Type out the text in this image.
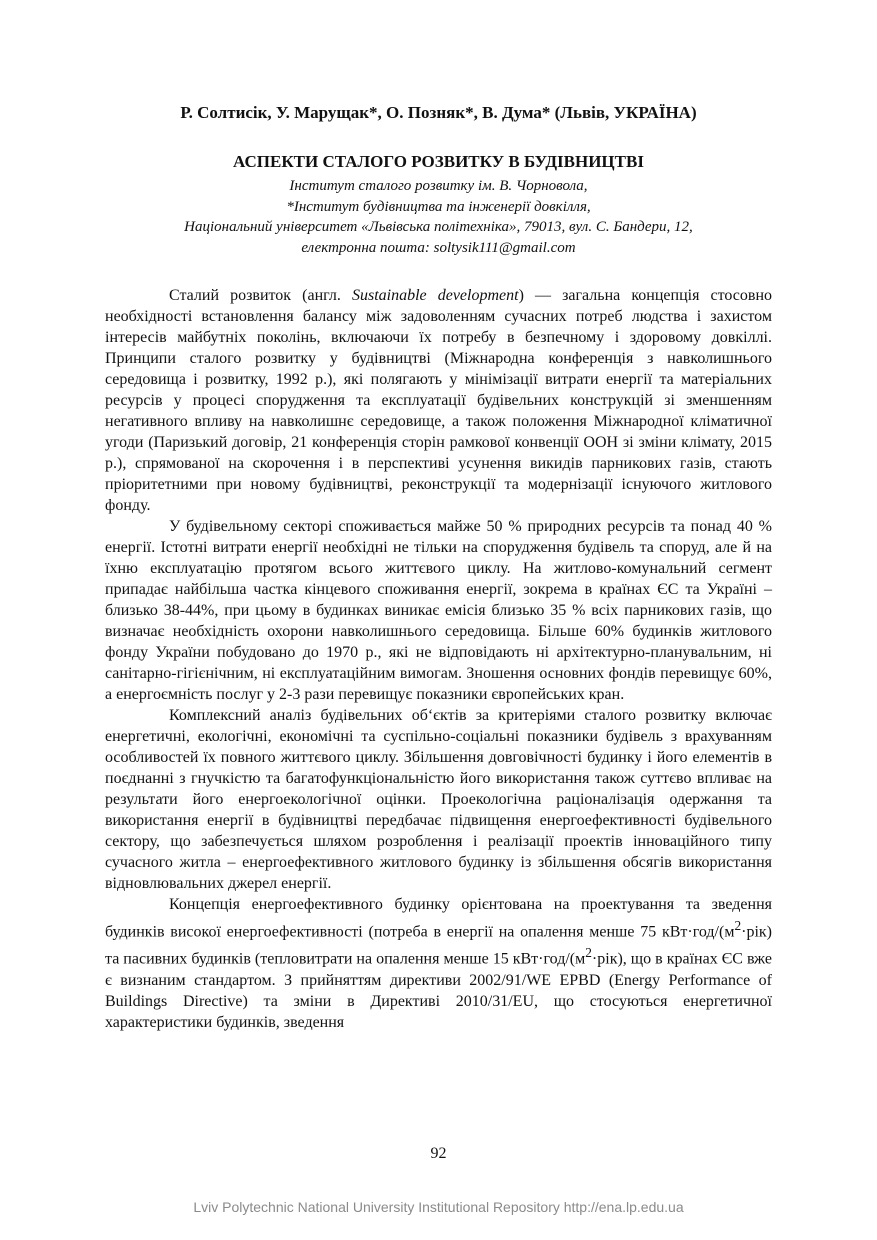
Р. Солтисік, У. Марущак*, О. Позняк*, В. Дума* (Львів, УКРАЇНА)
АСПЕКТИ СТАЛОГО РОЗВИТКУ В БУДІВНИЦТВІ
Інститут сталого розвитку ім. В. Чорновола,
*Інститут будівництва та інженерії довкілля,
Національний університет «Львівська політехніка», 79013, вул. С. Бандери, 12,
електронна пошта: soltysik111@gmail.com

Сталий розвиток (англ. Sustainable development) — загальна концепція стосовно необхідності встановлення балансу між задоволенням сучасних потреб людства і захистом інтересів майбутніх поколінь, включаючи їх потребу в безпечному і здоровому довкіллі. Принципи сталого розвитку у будівництві (Міжнародна конференція з навколишнього середовища і розвитку, 1992 р.), які полягають у мінімізації витрати енергії та матеріальних ресурсів у процесі спорудження та експлуатації будівельних конструкцій зі зменшенням негативного впливу на навколишнє середовище, а також положення Міжнародної кліматичної угоди (Паризький договір, 21 конференція сторін рамкової конвенції ООН зі зміни клімату, 2015 р.), спрямованої на скорочення і в перспективі усунення викидів парникових газів, стають пріоритетними при новому будівництві, реконструкції та модернізації існуючого житлового фонду.

У будівельному секторі споживається майже 50 % природних ресурсів та понад 40 % енергії. Істотні витрати енергії необхідні не тільки на спорудження будівель та споруд, але й на їхню експлуатацію протягом всього життєвого циклу. На житлово-комунальний сегмент припадає найбільша частка кінцевого споживання енергії, зокрема в країнах ЄС та Україні – близько 38-44%, при цьому в будинках виникає емісія близько 35 % всіх парникових газів, що визначає необхідність охорони навколишнього середовища. Більше 60% будинків житлового фонду України побудовано до 1970 р., які не відповідають ні архітектурно-планувальним, ні санітарно-гігієнічним, ні експлуатаційним вимогам. Зношення основних фондів перевищує 60%, а енергоємність послуг у 2-3 рази перевищує показники європейських кран.

Комплексний аналіз будівельних об‘єктів за критеріями сталого розвитку включає енергетичні, екологічні, економічні та суспільно-соціальні показники будівель з врахуванням особливостей їх повного життєвого циклу. Збільшення довговічності будинку і його елементів в поєднанні з гнучкістю та багатофункціональністю його використання також суттєво впливає на результати його енергоекологічної оцінки. Проекологічна раціоналізація одержання та використання енергії в будівництві передбачає підвищення енергоефективності будівельного сектору, що забезпечується шляхом розроблення і реалізації проектів інноваційного типу сучасного житла – енергоефективного житлового будинку із збільшення обсягів використання відновлювальних джерел енергії.

Концепція енергоефективного будинку орієнтована на проектування та зведення будинків високої енергоефективності (потреба в енергії на опалення менше 75 $кВт\cdot год/(м^2\cdot рік)$ та пасивних будинків (тепловитрати на опалення менше 15 $кВт\cdot год/(м^2\cdot рік)$, що в країнах ЄС вже є визнаним стандартом. З прийняттям директиви 2002/91/WE EPBD (Energy Performance of Buildings Directive) та зміни в Директиві 2010/31/EU, що стосуються енергетичної характеристики будинків, зведення

92
Lviv Polytechnic National University Institutional Repository http://ena.lp.edu.ua
